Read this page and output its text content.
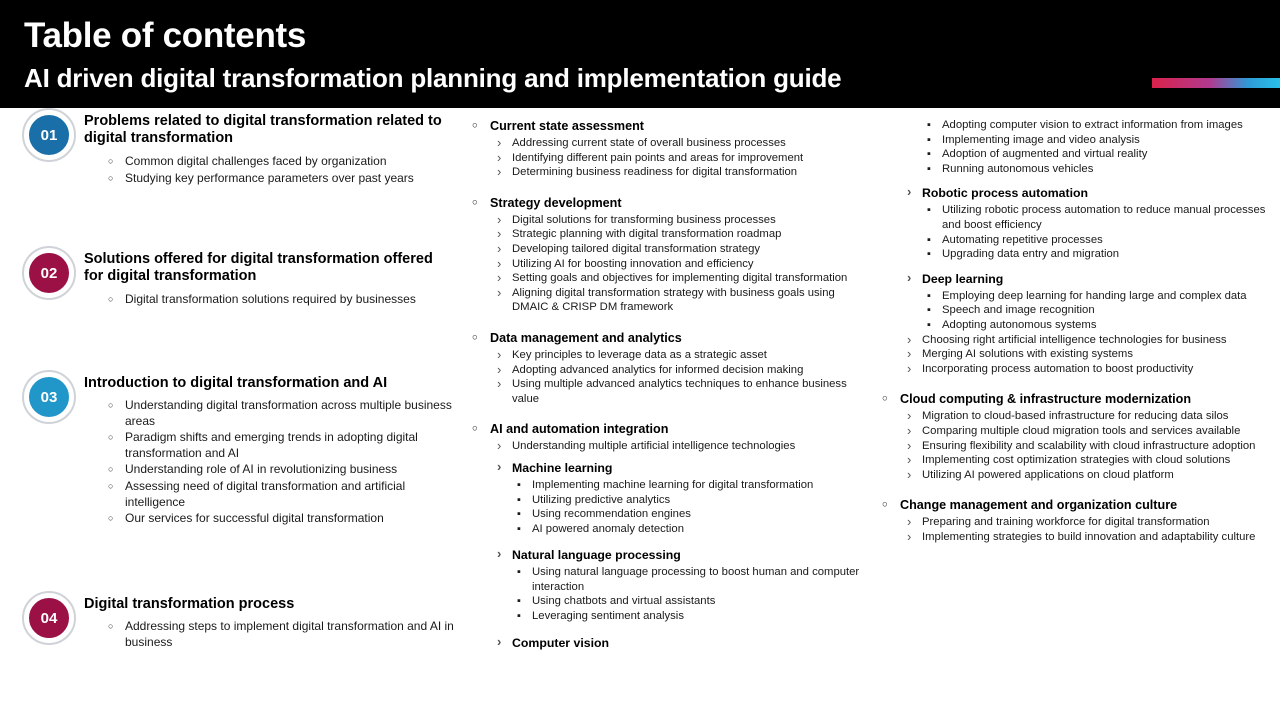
Table of contents
AI driven digital transformation planning and implementation guide
01
Problems related to digital transformation related to digital transformation
○ Common digital challenges faced by organization
○ Studying key performance parameters over past years
02
Solutions offered for digital transformation offered for digital transformation
○ Digital transformation solutions required by businesses
03
Introduction to digital transformation and AI
○ Understanding digital transformation across multiple business areas
○ Paradigm shifts and emerging trends in adopting digital transformation and AI
○ Understanding role of AI in revolutionizing business
○ Assessing need of digital transformation and artificial intelligence
○ Our services for successful digital transformation
04
Digital transformation process
○ Addressing steps to implement digital transformation and AI in business
○ Current state assessment
› Addressing current state of overall business processes
› Identifying different pain points and areas for improvement
› Determining business readiness for digital transformation
○ Strategy development
› Digital solutions for transforming business processes
› Strategic planning with digital transformation roadmap
› Developing tailored digital transformation strategy
› Utilizing AI for boosting innovation and efficiency
› Setting goals and objectives for implementing digital transformation
› Aligning digital transformation strategy with business goals using DMAIC & CRISP DM framework
○ Data management and analytics
› Key principles to leverage data as a strategic asset
› Adopting advanced analytics for informed decision making
› Using multiple advanced analytics techniques to enhance business value
○ AI and automation integration
› Understanding multiple artificial intelligence technologies
› Machine learning
▪ Implementing machine learning for digital transformation
▪ Utilizing predictive analytics
▪ Using recommendation engines
▪ AI powered anomaly detection
› Natural language processing
▪ Using natural language processing to boost human and computer interaction
▪ Using chatbots and virtual assistants
▪ Leveraging sentiment analysis
› Computer vision
▪ Adopting computer vision to extract information from images
▪ Implementing image and video analysis
▪ Adoption of augmented and virtual reality
▪ Running autonomous vehicles
› Robotic process automation
▪ Utilizing robotic process automation to reduce manual processes and boost efficiency
▪ Automating repetitive processes
▪ Upgrading data entry and migration
› Deep learning
▪ Employing deep learning for handing large and complex data
▪ Speech and image recognition
▪ Adopting autonomous systems
› Choosing right artificial intelligence technologies for business
› Merging AI solutions with existing systems
› Incorporating process automation to boost productivity
○ Cloud computing & infrastructure modernization
› Migration to cloud-based infrastructure for reducing data silos
› Comparing multiple cloud migration tools and services available
› Ensuring flexibility and scalability with cloud infrastructure adoption
› Implementing cost optimization strategies with cloud solutions
› Utilizing AI powered applications on cloud platform
○ Change management and organization culture
› Preparing and training workforce for digital transformation
› Implementing strategies to build innovation and adaptability culture
